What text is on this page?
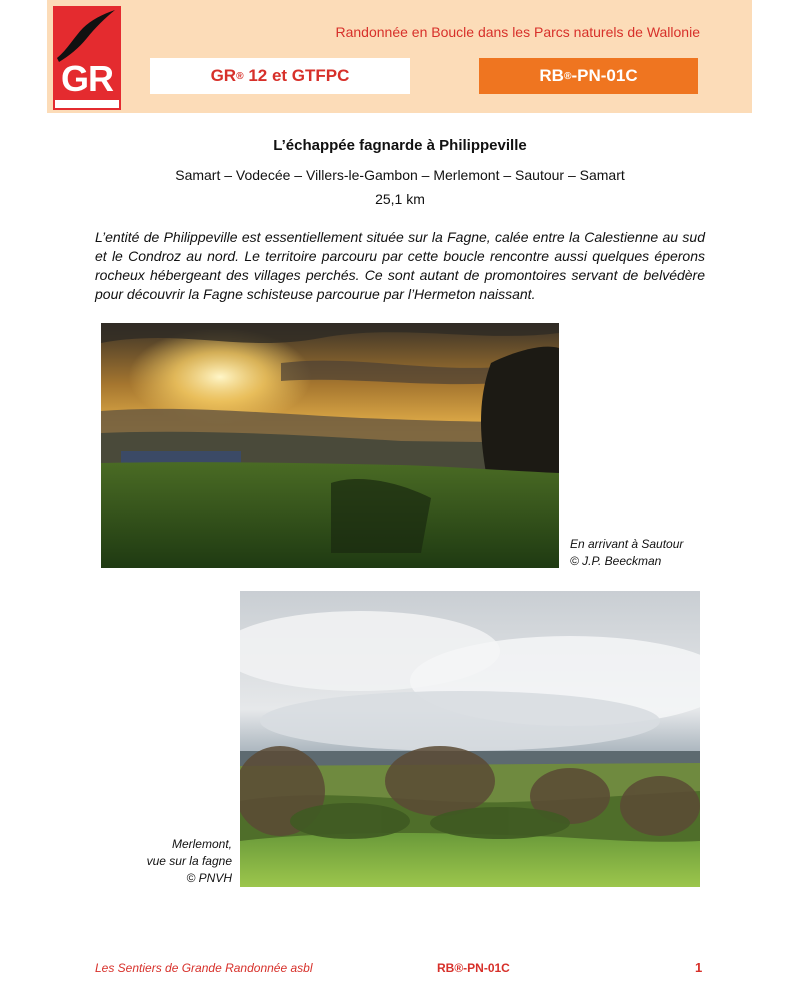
GR
Randonnée en Boucle dans les Parcs naturels de Wallonie
GR ® 12 et GTFPC	RB ® -PN-01C
L’échappée fagnarde à Philippeville
Samart – Vodecée – Villers-le-Gambon – Merlemont – Sautour – Samart
25,1 km
L’entité de Philippeville est essentiellement située sur la Fagne, calée entre la Calestienne au sud et le Condroz au nord. Le territoire parcouru par cette boucle rencontre aussi quelques éperons rocheux hébergeant des villages perchés. Ce sont autant de promontoires servant de belvédère pour découvrir la Fagne schisteuse parcourue par l’Hermeton naissant.
En arrivant à Sautour
© J.P. Beeckman
Merlemont,
vue sur la fagne
© PNVH
Les Sentiers de Grande Randonnée asbl	RB®-PN-01C	1
